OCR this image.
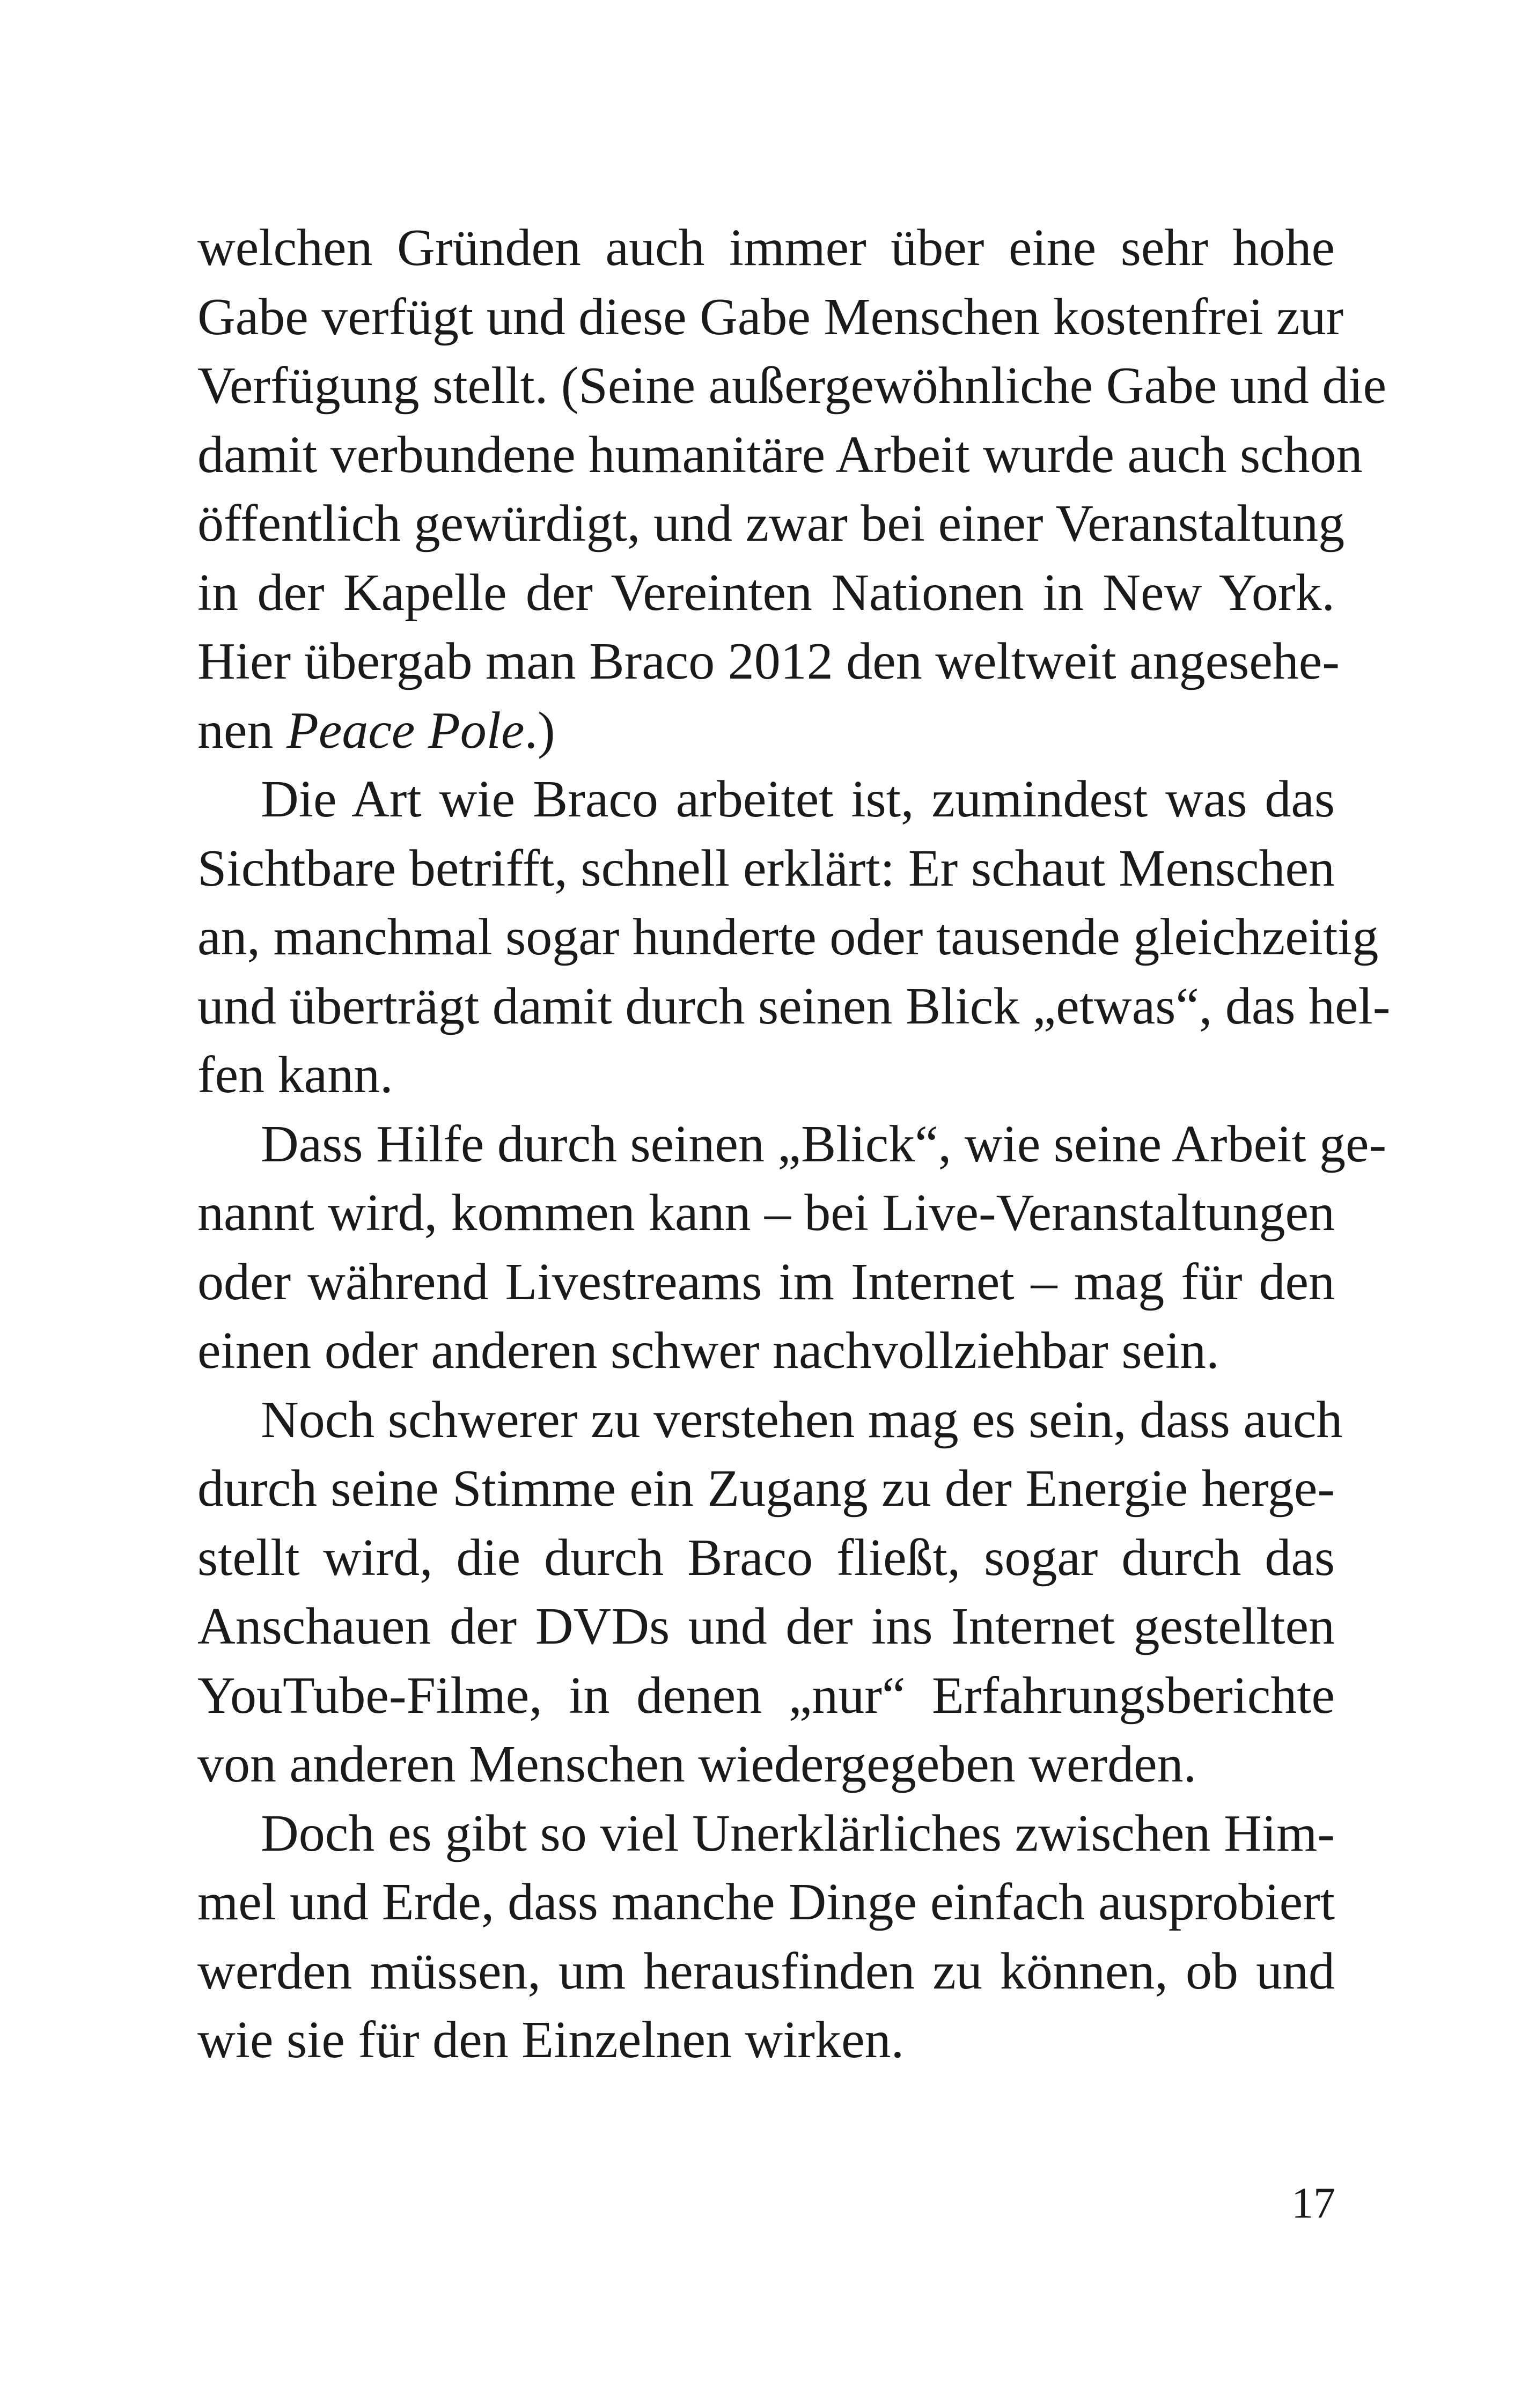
welchen Gründen auch immer über eine sehr hohe
Gabe verfügt und diese Gabe Menschen kostenfrei zur
Verfügung stellt. (Seine außergewöhnliche Gabe und die
damit verbundene humanitäre Arbeit wurde auch schon
öffentlich gewürdigt, und zwar bei einer Veranstaltung
in der Kapelle der Vereinten Nationen in New York.
Hier übergab man Braco 2012 den weltweit angesehe-
nen Peace Pole.)
Die Art wie Braco arbeitet ist, zumindest was das
Sichtbare betrifft, schnell erklärt: Er schaut Menschen
an, manchmal sogar hunderte oder tausende gleichzeitig
und überträgt damit durch seinen Blick „etwas“, das hel-
fen kann.
Dass Hilfe durch seinen „Blick“, wie seine Arbeit ge-
nannt wird, kommen kann – bei Live-Veranstaltungen
oder während Livestreams im Internet – mag für den
einen oder anderen schwer nachvollziehbar sein.
Noch schwerer zu verstehen mag es sein, dass auch
durch seine Stimme ein Zugang zu der Energie herge-
stellt wird, die durch Braco fließt, sogar durch das
Anschauen der DVDs und der ins Internet gestellten
YouTube-Filme, in denen „nur“ Erfahrungsberichte
von anderen Menschen wiedergegeben werden.
Doch es gibt so viel Unerklärliches zwischen Him-
mel und Erde, dass manche Dinge einfach ausprobiert
werden müssen, um herausfinden zu können, ob und
wie sie für den Einzelnen wirken.
17
